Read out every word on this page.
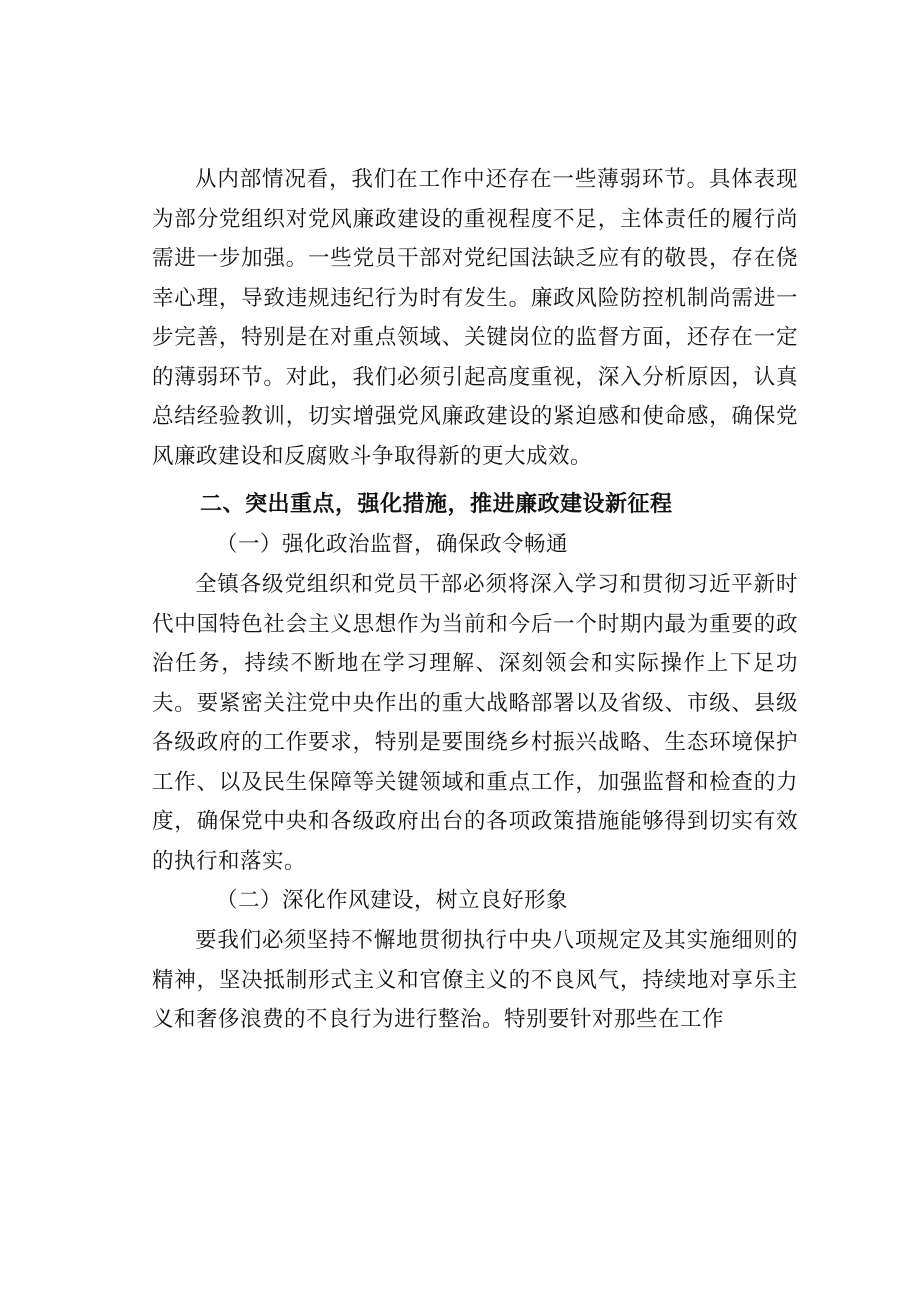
从内部情况看，我们在工作中还存在一些薄弱环节。具体表现为部分党组织对党风廉政建设的重视程度不足，主体责任的履行尚需进一步加强。一些党员干部对党纪国法缺乏应有的敬畏，存在侥幸心理，导致违规违纪行为时有发生。廉政风险防控机制尚需进一步完善，特别是在对重点领域、关键岗位的监督方面，还存在一定的薄弱环节。对此，我们必须引起高度重视，深入分析原因，认真总结经验教训，切实增强党风廉政建设的紧迫感和使命感，确保党风廉政建设和反腐败斗争取得新的更大成效。

二、突出重点，强化措施，推进廉政建设新征程
（一）强化政治监督，确保政令畅通

全镇各级党组织和党员干部必须将深入学习和贯彻习近平新时代中国特色社会主义思想作为当前和今后一个时期内最为重要的政治任务，持续不断地在学习理解、深刻领会和实际操作上下足功夫。要紧密关注党中央作出的重大战略部署以及省级、市级、县级各级政府的工作要求，特别是要围绕乡村振兴战略、生态环境保护工作、以及民生保障等关键领域和重点工作，加强监督和检查的力度，确保党中央和各级政府出台的各项政策措施能够得到切实有效的执行和落实。

（二）深化作风建设，树立良好形象

要我们必须坚持不懈地贯彻执行中央八项规定及其实施细则的精神，坚决抵制形式主义和官僚主义的不良风气，持续地对享乐主义和奢侈浪费的不良行为进行整治。特别要针对那些在工作
